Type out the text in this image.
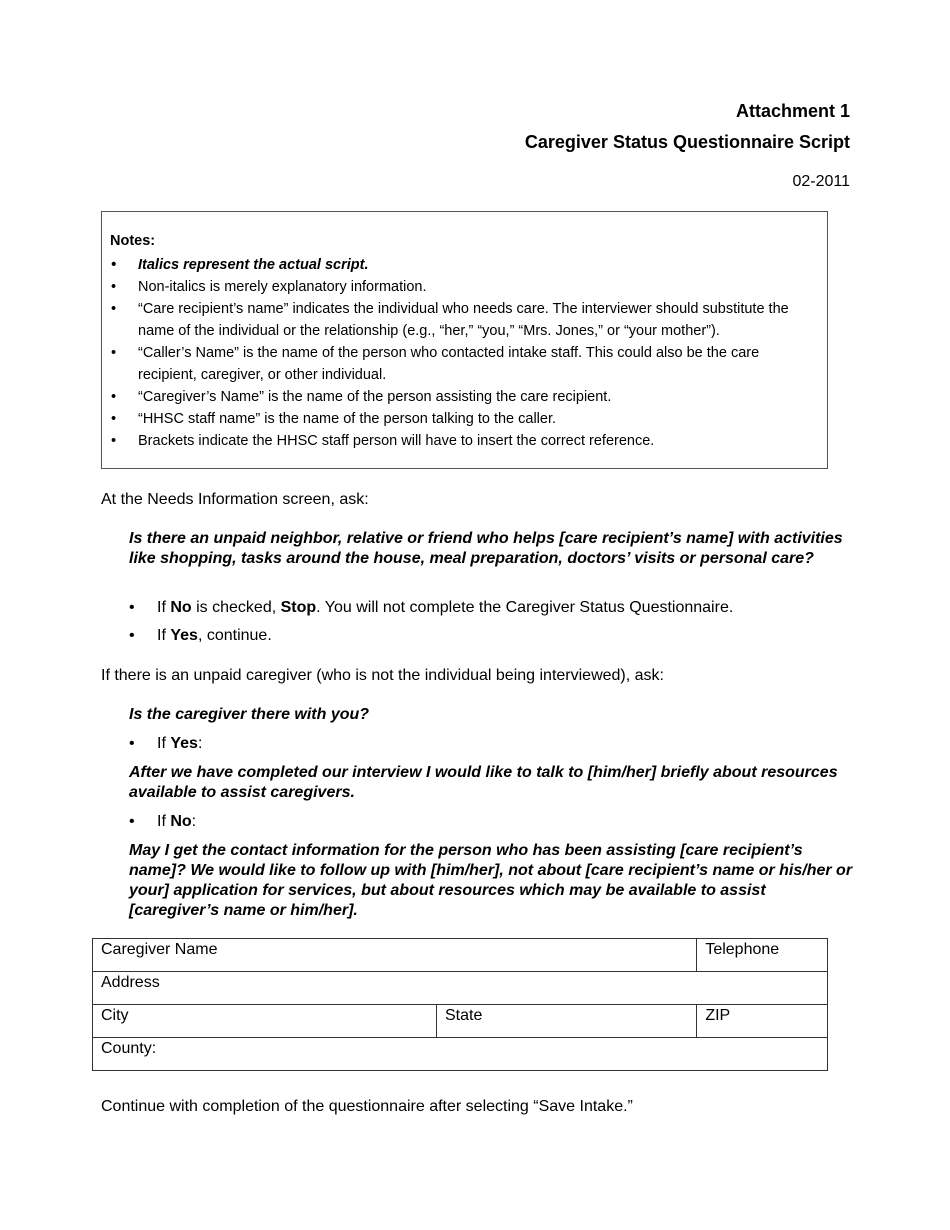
Attachment 1
Caregiver Status Questionnaire Script
02-2011
Notes:
• Italics represent the actual script.
• Non-italics is merely explanatory information.
• “Care recipient’s name” indicates the individual who needs care. The interviewer should substitute the name of the individual or the relationship (e.g., “her,” “you,” “Mrs. Jones,” or “your mother”).
• “Caller’s Name” is the name of the person who contacted intake staff. This could also be the care recipient, caregiver, or other individual.
• “Caregiver’s Name” is the name of the person assisting the care recipient.
• “HHSC staff name” is the name of the person talking to the caller.
• Brackets indicate the HHSC staff person will have to insert the correct reference.
At the Needs Information screen, ask:
Is there an unpaid neighbor, relative or friend who helps [care recipient’s name] with activities like shopping, tasks around the house, meal preparation, doctors’ visits or personal care?
• If No is checked, Stop. You will not complete the Caregiver Status Questionnaire.
• If Yes, continue.
If there is an unpaid caregiver (who is not the individual being interviewed), ask:
Is the caregiver there with you?
• If Yes:
After we have completed our interview I would like to talk to [him/her] briefly about resources available to assist caregivers.
• If No:
May I get the contact information for the person who has been assisting [care recipient’s name]? We would like to follow up with [him/her], not about [care recipient’s name or his/her or your] application for services, but about resources which may be available to assist [caregiver’s name or him/her].
Caregiver Name		Telephone
Address		
City	State	ZIP
County:		
Continue with completion of the questionnaire after selecting “Save Intake.”
